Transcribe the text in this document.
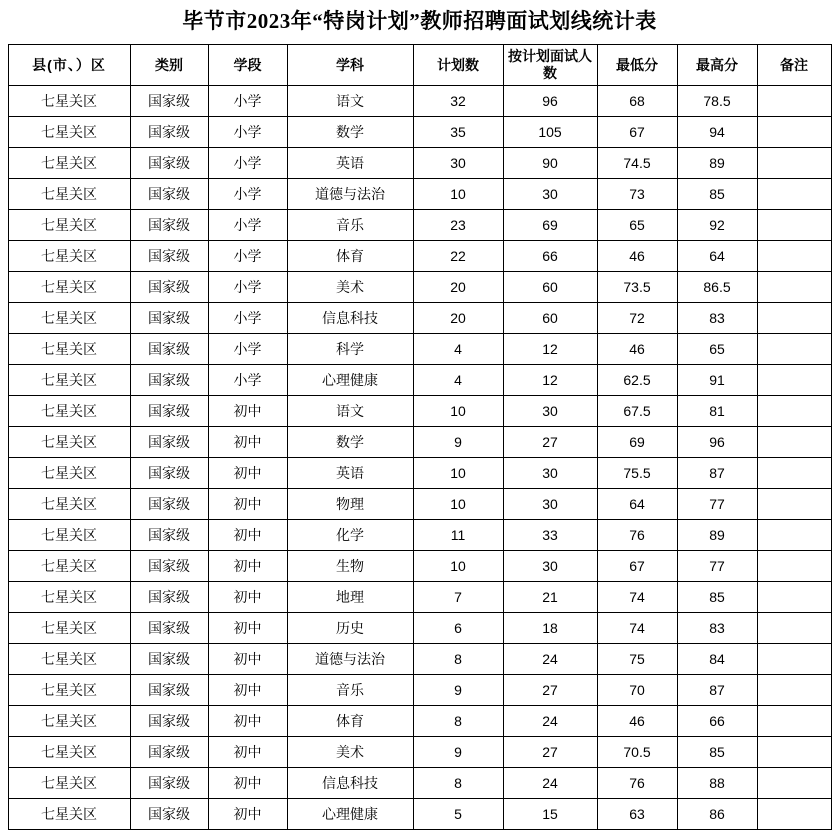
毕节市2023年“特岗计划”教师招聘面试划线统计表
县(市、）区	类别	学段	学科	计划数	按计划面试人数	最低分	最高分	备注
七星关区	国家级	小学	语文	32	96	68	78.5	
七星关区	国家级	小学	数学	35	105	67	94	
七星关区	国家级	小学	英语	30	90	74.5	89	
七星关区	国家级	小学	道德与法治	10	30	73	85	
七星关区	国家级	小学	音乐	23	69	65	92	
七星关区	国家级	小学	体育	22	66	46	64	
七星关区	国家级	小学	美术	20	60	73.5	86.5	
七星关区	国家级	小学	信息科技	20	60	72	83	
七星关区	国家级	小学	科学	4	12	46	65	
七星关区	国家级	小学	心理健康	4	12	62.5	91	
七星关区	国家级	初中	语文	10	30	67.5	81	
七星关区	国家级	初中	数学	9	27	69	96	
七星关区	国家级	初中	英语	10	30	75.5	87	
七星关区	国家级	初中	物理	10	30	64	77	
七星关区	国家级	初中	化学	11	33	76	89	
七星关区	国家级	初中	生物	10	30	67	77	
七星关区	国家级	初中	地理	7	21	74	85	
七星关区	国家级	初中	历史	6	18	74	83	
七星关区	国家级	初中	道德与法治	8	24	75	84	
七星关区	国家级	初中	音乐	9	27	70	87	
七星关区	国家级	初中	体育	8	24	46	66	
七星关区	国家级	初中	美术	9	27	70.5	85	
七星关区	国家级	初中	信息科技	8	24	76	88	
七星关区	国家级	初中	心理健康	5	15	63	86	
